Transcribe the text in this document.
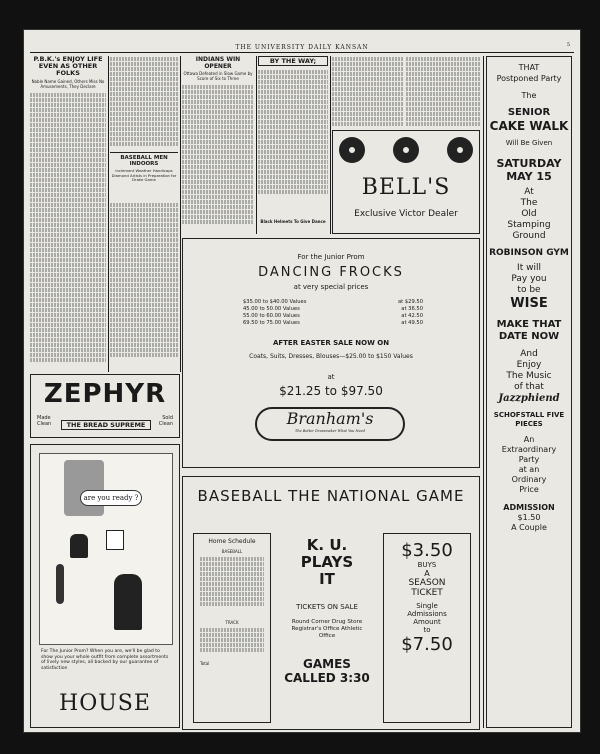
THE UNIVERSITY DAILY KANSAN	5
P.B.K.'s ENJOY LIFE EVEN AS OTHER FOLKS
Noble Name Gained, Others Miss No Amusements, They Declare
BASEBALL MEN INDOORS
Inclement Weather Handicaps Diamond Artists in Preparation for Drake Game
INDIANS WIN OPENER
Ottawa Defeated in Slow Game by Score of Six to Three
BY THE WAY;
Black Helmets To Give Dance
BELL'S
Exclusive Victor Dealer
For the Junior Prom
DANCING FROCKS
at very special prices
$35.00 to $40.00 Values	at $29.50
45.00 to 50.00 Values	at 36.50
55.00 to 60.00 Values	at 42.50
69.50 to 75.00 Values	at 49.50
AFTER EASTER SALE NOW ON
Coats, Suits, Dresses, Blouses—$25.00 to $150 Values
at
$21.25 to $97.50
Branham's
The Better Dressmaker What You Need
ZEPHYR
Made
Clean
Sold
Clean
THE BREAD SUPREME
are you ready ?
For The Junior Prom? When you are, we'll be glad to show you your whole outfit from complete assortments of lively new styles, all backed by our guarantee of satisfaction
HOUSE
BASEBALL THE NATIONAL GAME
Home Schedule
BASEBALL
TRACK
Total
K. U.
PLAYS
IT
TICKETS ON SALE
Round Corner Drug Store Registrar's Office Athletic Office
GAMES CALLED 3:30
$3.50
BUYS
A
SEASON
TICKET
Single
Admissions
Amount
to
$7.50
THAT
Postponed Party
The
SENIOR
CAKE WALK
Will Be Given
SATURDAY MAY 15
At
The
Old
Stamping
Ground
ROBINSON GYM
It will
Pay you
to be
WISE
MAKE THAT DATE NOW
And
Enjoy
The Music
of that
Jazzphiend
SCHOFSTALL FIVE PIECES
An
Extraordinary
Party
at an
Ordinary
Price
ADMISSION
$1.50
A Couple
